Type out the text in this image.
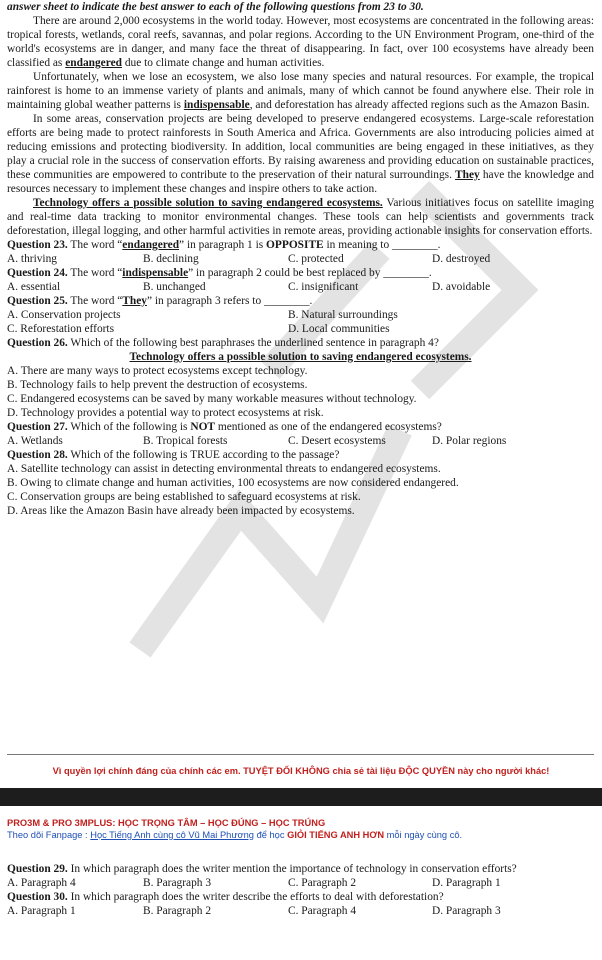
answer sheet to indicate the best answer to each of the following questions from 23 to 30.

There are around 2,000 ecosystems in the world today. However, most ecosystems are concentrated in the following areas: tropical forests, wetlands, coral reefs, savannas, and polar regions. According to the UN Environment Program, one-third of the world's ecosystems are in danger, and many face the threat of disappearing. In fact, over 100 ecosystems have already been classified as endangered due to climate change and human activities.

Unfortunately, when we lose an ecosystem, we also lose many species and natural resources. For example, the tropical rainforest is home to an immense variety of plants and animals, many of which cannot be found anywhere else. Their role in maintaining global weather patterns is indispensable, and deforestation has already affected regions such as the Amazon Basin.

In some areas, conservation projects are being developed to preserve endangered ecosystems. Large-scale reforestation efforts are being made to protect rainforests in South America and Africa. Governments are also introducing policies aimed at reducing emissions and protecting biodiversity. In addition, local communities are being engaged in these initiatives, as they play a crucial role in the success of conservation efforts. By raising awareness and providing education on sustainable practices, these communities are empowered to contribute to the preservation of their natural surroundings. They have the knowledge and resources necessary to implement these changes and inspire others to take action.

Technology offers a possible solution to saving endangered ecosystems. Various initiatives focus on satellite imaging and real-time data tracking to monitor environmental changes. These tools can help scientists and governments track deforestation, illegal logging, and other harmful activities in remote areas, providing actionable insights for conservation efforts.

Question 23. The word “endangered” in paragraph 1 is OPPOSITE in meaning to ________.
A. thriving	B. declining	C. protected	D. destroyed
Question 24. The word “indispensable” in paragraph 2 could be best replaced by ________.
A. essential	B. unchanged	C. insignificant	D. avoidable
Question 25. The word “They” in paragraph 3 refers to ________.
A. Conservation projects	B. Natural surroundings
C. Reforestation efforts	D. Local communities
Question 26. Which of the following best paraphrases the underlined sentence in paragraph 4?
Technology offers a possible solution to saving endangered ecosystems.
A. There are many ways to protect ecosystems except technology.
B. Technology fails to help prevent the destruction of ecosystems.
C. Endangered ecosystems can be saved by many workable measures without technology.
D. Technology provides a potential way to protect ecosystems at risk.
Question 27. Which of the following is NOT mentioned as one of the endangered ecosystems?
A. Wetlands	B. Tropical forests	C. Desert ecosystems	D. Polar regions
Question 28. Which of the following is TRUE according to the passage?
A. Satellite technology can assist in detecting environmental threats to endangered ecosystems.
B. Owing to climate change and human activities, 100 ecosystems are now considered endangered.
C. Conservation groups are being established to safeguard ecosystems at risk.
D. Areas like the Amazon Basin have already been impacted by ecosystems.
Vì quyền lợi chính đáng của chính các em. TUYỆT ĐỐI KHÔNG chia sẻ tài liệu ĐỘC QUYỀN này cho người khác!
PRO3M & PRO 3MPLUS: HỌC TRỌNG TÂM – HỌC ĐÚNG – HỌC TRÚNG
Theo dõi Fanpage : Học Tiếng Anh cùng cô Vũ Mai Phương để học GIỎI TIẾNG ANH HƠN mỗi ngày cùng cô.
Question 29. In which paragraph does the writer mention the importance of technology in conservation efforts?
A. Paragraph 4	B. Paragraph 3	C. Paragraph 2	D. Paragraph 1
Question 30. In which paragraph does the writer describe the efforts to deal with deforestation?
A. Paragraph 1	B. Paragraph 2	C. Paragraph 4	D. Paragraph 3
